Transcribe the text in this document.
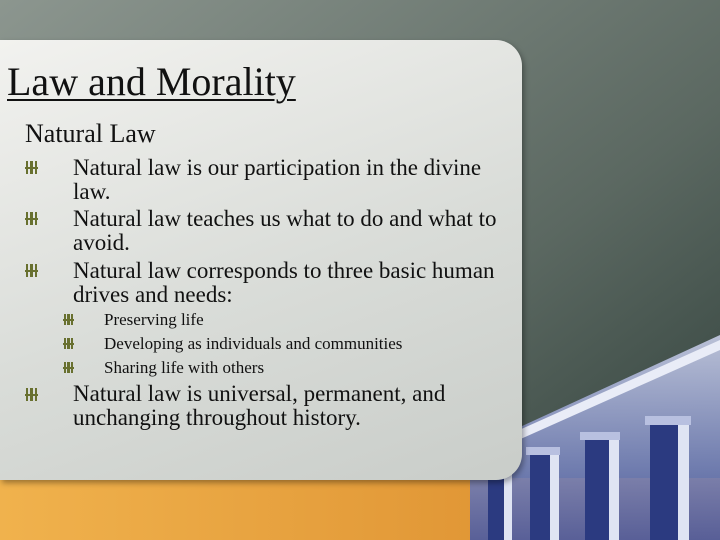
Law and Morality
Natural Law
Natural law is our participation in the divine law.
Natural law teaches us what to do and what to avoid.
Natural law corresponds to three basic human drives and needs:
Preserving life
Developing as individuals and communities
Sharing life with others
Natural law is universal, permanent, and unchanging throughout history.
